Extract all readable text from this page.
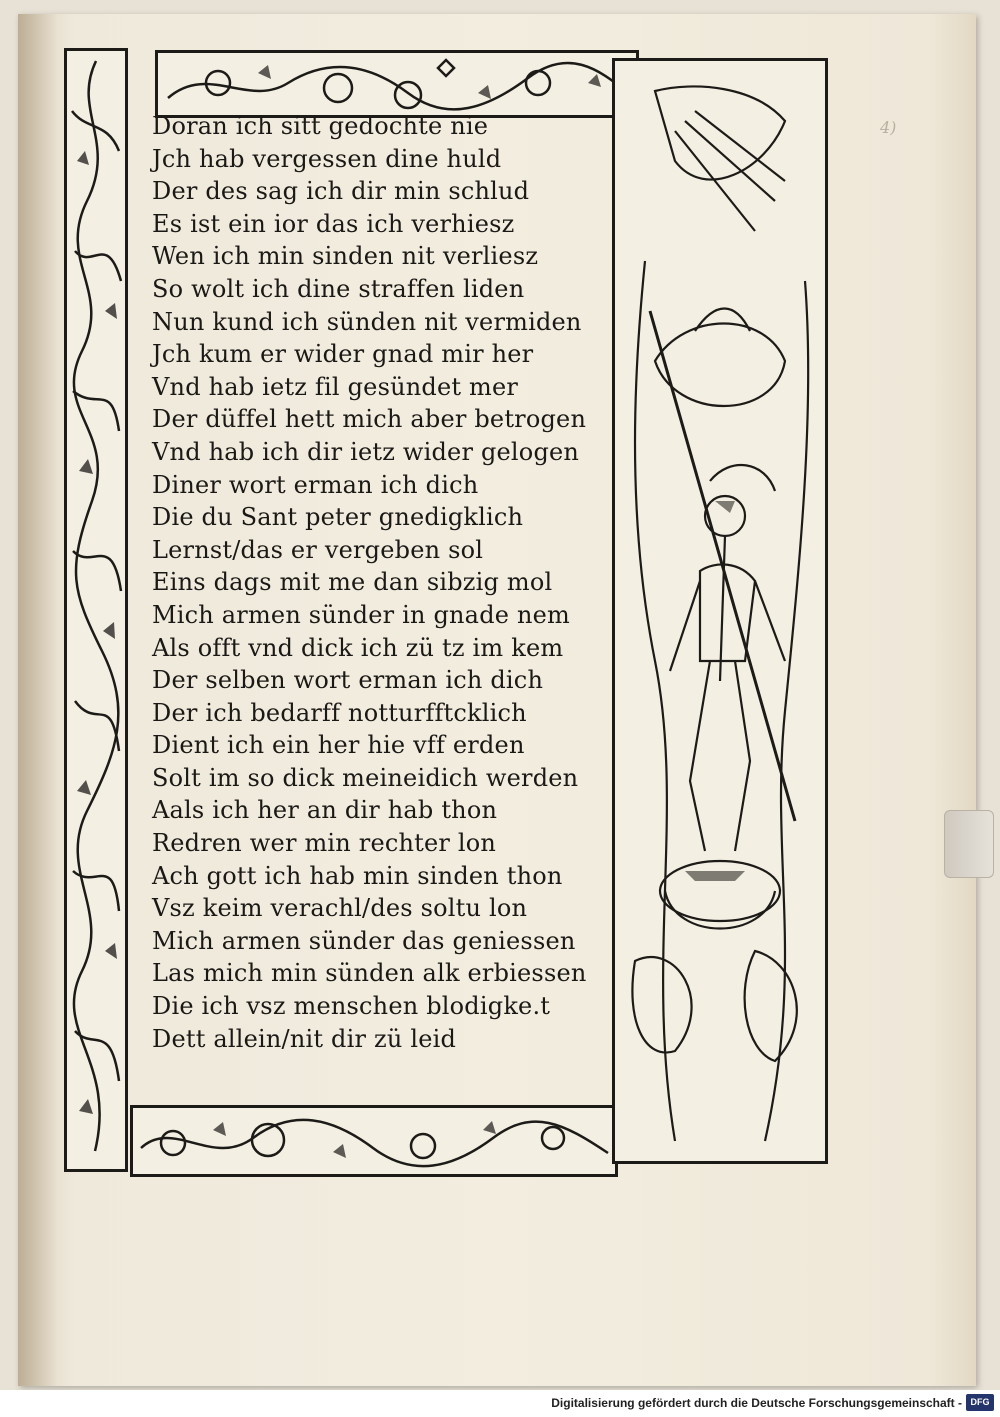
4)
Doran ich sitt gedochte nie
Jch hab vergessen dine huld
Der des sag ich dir min schlud
Es ist ein ior das ich verhiesz
Wen ich min sinden nit verliesz
So wolt ich dine straffen liden
Nun kund ich sünden nit vermiden
Jch kum er wider gnad mir her
Vnd hab ietz fil gesündet mer
Der düffel hett mich aber betrogen
Vnd hab ich dir ietz wider gelogen
Diner wort erman ich dich
Die du Sant peter gnedigklich
Lernst/das er vergeben sol
Eins dags mit me dan sibzig mol
Mich armen sünder in gnade nem
Als offt vnd dick ich zü tz im kem
Der selben wort erman ich dich
Der ich bedarff notturfftcklich
Dient ich ein her hie vff erden
Solt im so dick meineidich werden
Aals ich her an dir hab thon
Redren wer min rechter lon
Ach gott ich hab min sinden thon
Vsz keim verachl/des soltu lon
Mich armen sünder das geniessen
Las mich min sünden alk erbiessen
Die ich vsz menschen blodigke.t
Dett allein/nit dir zü leid
Digitalisierung gefördert durch die Deutsche Forschungsgemeinschaft - DFG
